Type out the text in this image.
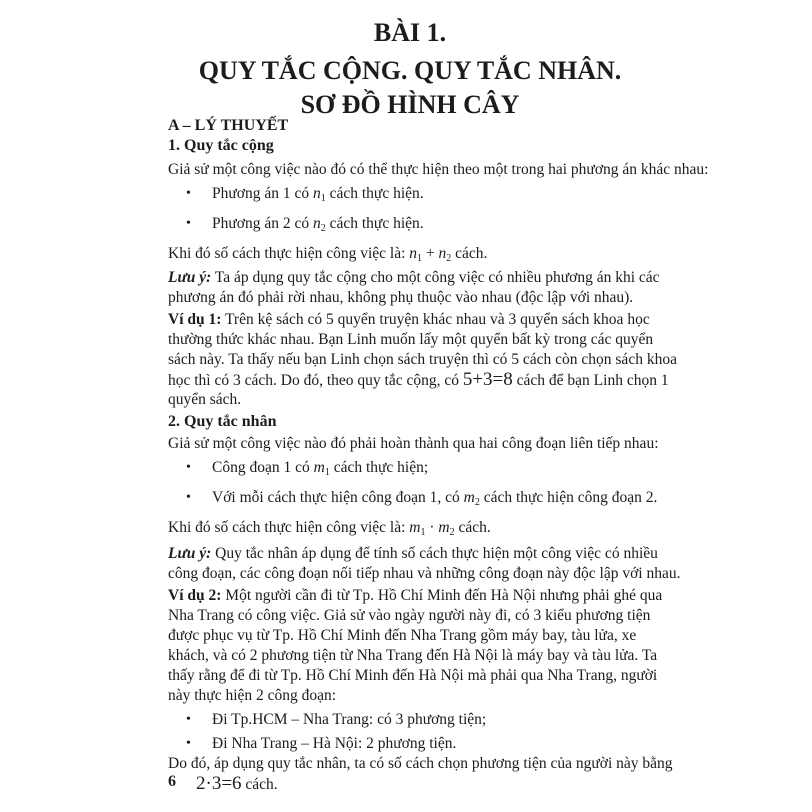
BÀI 1.
QUY TẮC CỘNG. QUY TẮC NHÂN.
SƠ ĐỒ HÌNH CÂY
A – LÝ THUYẾT
1. Quy tắc cộng
Giả sử một công việc nào đó có thể thực hiện theo một trong hai phương án khác nhau:
• Phương án 1 có $n_1$ cách thực hiện.
• Phương án 2 có $n_2$ cách thực hiện.
Khi đó số cách thực hiện công việc là: $n_1 + n_2$ cách.
Lưu ý: Ta áp dụng quy tắc cộng cho một công việc có nhiều phương án khi các
phương án đó phải rời nhau, không phụ thuộc vào nhau (độc lập với nhau).
Ví dụ 1: Trên kệ sách có 5 quyển truyện khác nhau và 3 quyển sách khoa học
thường thức khác nhau. Bạn Linh muốn lấy một quyển bất kỳ trong các quyển
sách này. Ta thấy nếu bạn Linh chọn sách truyện thì có 5 cách còn chọn sách khoa
học thì có 3 cách. Do đó, theo quy tắc cộng, có 5+3=8 cách để bạn Linh chọn 1
quyển sách.
2. Quy tắc nhân
Giả sử một công việc nào đó phải hoàn thành qua hai công đoạn liên tiếp nhau:
• Công đoạn 1 có $m_1$ cách thực hiện;
• Với mỗi cách thực hiện công đoạn 1, có $m_2$ cách thực hiện công đoạn 2.
Khi đó số cách thực hiện công việc là: $m_1 \cdot m_2$ cách.
Lưu ý: Quy tắc nhân áp dụng để tính số cách thực hiện một công việc có nhiều
công đoạn, các công đoạn nối tiếp nhau và những công đoạn này độc lập với nhau.
Ví dụ 2: Một người cần đi từ Tp. Hồ Chí Minh đến Hà Nội nhưng phải ghé qua
Nha Trang có công việc. Giả sử vào ngày người này đi, có 3 kiểu phương tiện
được phục vụ từ Tp. Hồ Chí Minh đến Nha Trang gồm máy bay, tàu lửa, xe
khách, và có 2 phương tiện từ Nha Trang đến Hà Nội là máy bay và tàu lửa. Ta
thấy rằng để đi từ Tp. Hồ Chí Minh đến Hà Nội mà phải qua Nha Trang, người
này thực hiện 2 công đoạn:
• Đi Tp.HCM – Nha Trang: có 3 phương tiện;
• Đi Nha Trang – Hà Nội: 2 phương tiện.
Do đó, áp dụng quy tắc nhân, ta có số cách chọn phương tiện của người này bằng
2·3=6 cách.
6
